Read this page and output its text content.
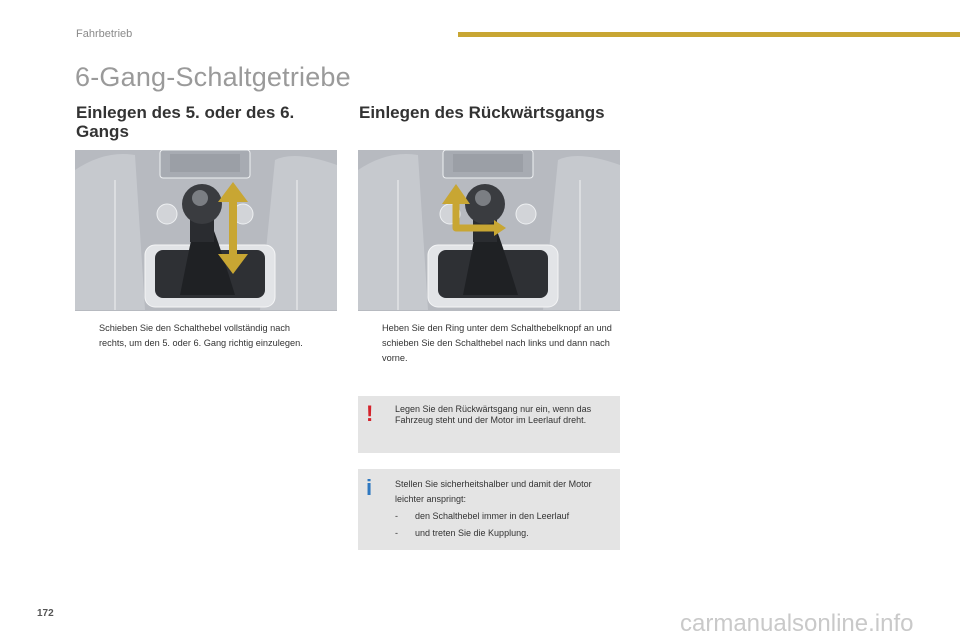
Fahrbetrieb
6-Gang-Schaltgetriebe
Einlegen des 5. oder des 6. Gangs
Einlegen des Rückwärtsgangs
Schieben Sie den Schalthebel vollständig nach rechts, um den 5. oder 6. Gang richtig einzulegen.
Heben Sie den Ring unter dem Schalthebelknopf an und schieben Sie den Schalthebel nach links und dann nach vorne.
! Legen Sie den Rückwärtsgang nur ein, wenn das Fahrzeug steht und der Motor im Leerlauf dreht.
i	Stellen Sie sicherheitshalber und damit der Motor leichter anspringt:
-	den Schalthebel immer in den Leerlauf
-	und treten Sie die Kupplung.
172	carmanualsonline.info
